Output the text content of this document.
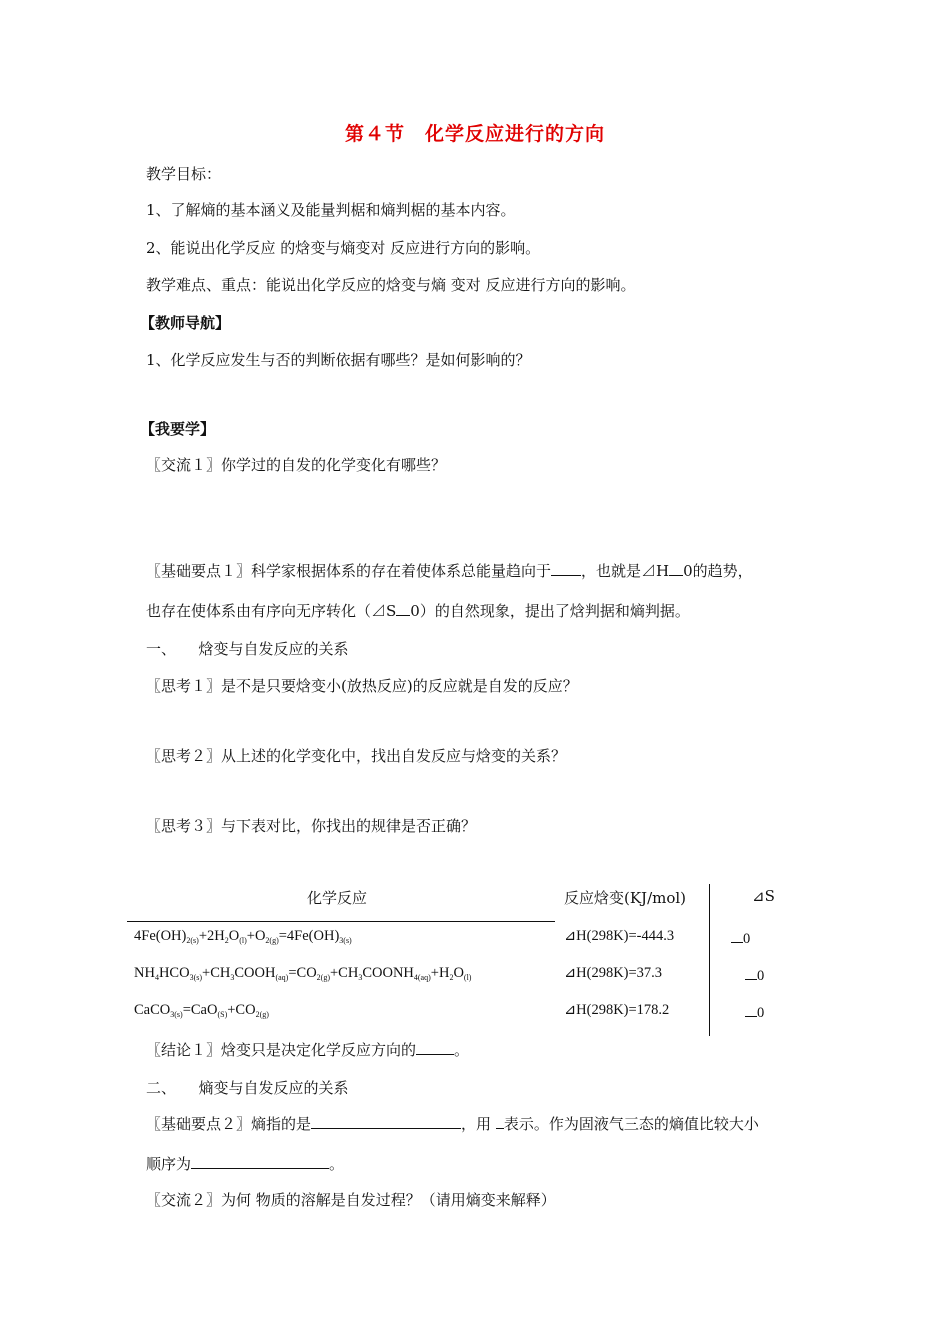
第４节　化学反应进行的方向
教学目标：
1、了解熵的基本涵义及能量判椐和熵判椐的基本内容。
2、能说出化学反应 的焓变与熵变对 反应进行方向的影响。
教学难点、重点：能说出化学反应的焓变与熵 变对 反应进行方向的影响。
【教师导航】
1、化学反应发生与否的判断依据有哪些？是如何影响的？
【我要学】
〖交流１〗你学过的自发的化学变化有哪些？
〖基础要点１〗科学家根据体系的存在着使体系总能量趋向于 ，也就是⊿H 0的趋势，
也存在使体系由有序向无序转化（⊿S 0）的自然现象，提出了焓判据和熵判据。
一、　　焓变与自发反应的关系
〖思考１〗是不是只要焓变小(放热反应)的反应就是自发的反应？
〖思考２〗从上述的化学变化中，找出自发反应与焓变的关系？
〖思考３〗与下表对比，你找出的规律是否正确？
化学反应	反应焓变(KJ/mol)	⊿S
$4Fe(OH)_{2(s)}+2H_2O_{(l)}+O_{2(g)}=4Fe(OH)_{3(s)}$	⊿H(298K)=-444.3	0
$NH_4HCO_{3(s)}+CH_3COOH_{(aq)}=CO_{2(g)}+CH_3COONH_{4(aq)}+H_2O_{(l)}$	⊿H(298K)=37.3	0
$CaCO_{3(s)}=CaO_{(S)}+CO_{2(g)}$	⊿H(298K)=178.2	0
〖结论１〗焓变只是决定化学反应方向的	。
二、　　熵变与自发反应的关系
〖基础要点２〗熵指的是	，用 表示。作为固液气三态的熵值比较大小
顺序为	。
〖交流２〗为何 物质的溶解是自发过程？（请用熵变来解释）
